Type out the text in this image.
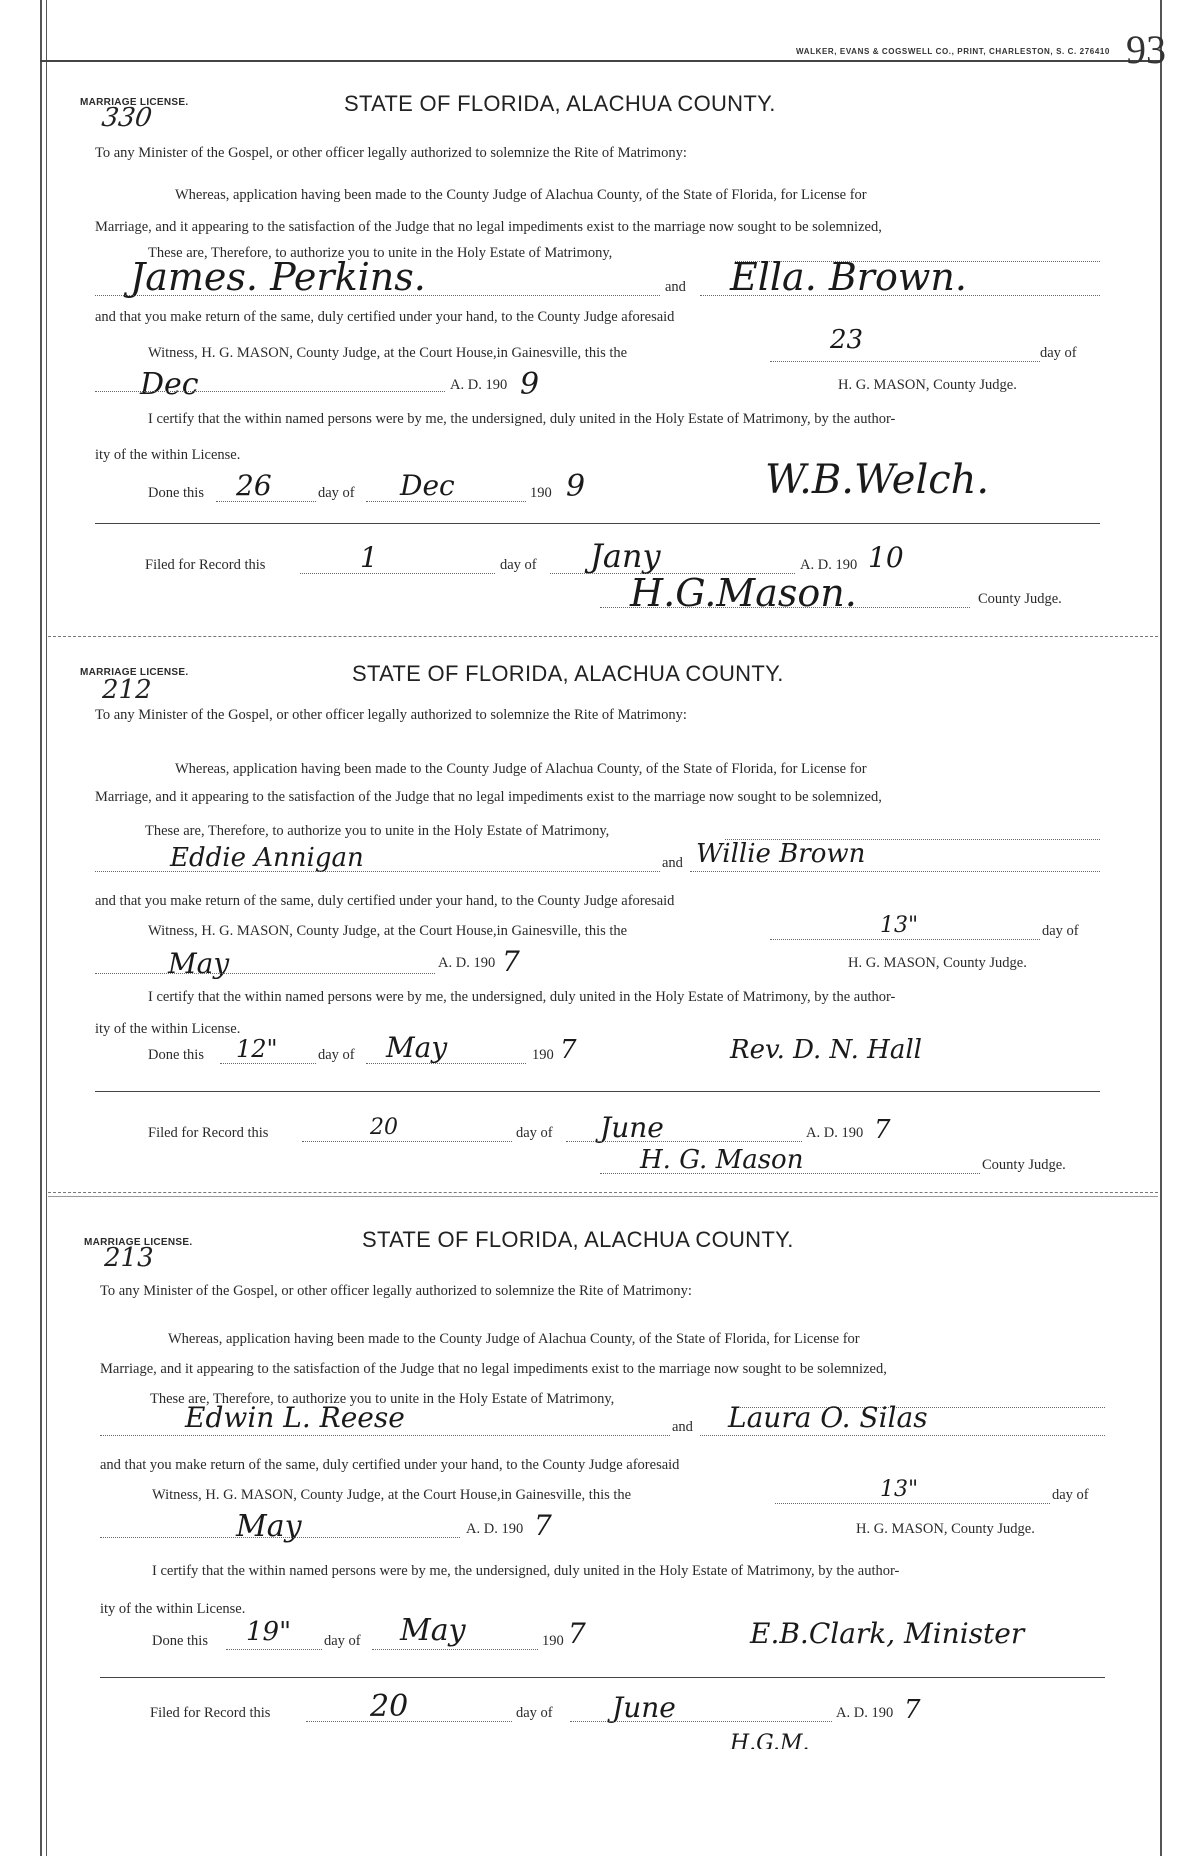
WALKER, EVANS & COGSWELL CO., PRINT, CHARLESTON, S. C. 276410 93
MARRIAGE LICENSE.
330	STATE OF FLORIDA, ALACHUA COUNTY.
To any Minister of the Gospel, or other officer legally authorized to solemnize the Rite of Matrimony:
Whereas, application having been made to the County Judge of Alachua County, of the State of Florida, for License for
Marriage, and it appearing to the satisfaction of the Judge that no legal impediments exist to the marriage now sought to be solemnized,
These are, Therefore, to authorize you to unite in the Holy Estate of Matrimony,
James. Perkins.	and Ella. Brown.
and that you make return of the same, duly certified under your hand, to the County Judge aforesaid
Witness, H. G. MASON, County Judge, at the Court House,in Gainesville, this the	23	day of
Dec	A. D. 190 9	H. G. MASON, County Judge.
I certify that the within named persons were by me, the undersigned, duly united in the Holy Estate of Matrimony, by the author-
ity of the within License.
Done this 26	day of Dec	190 9	W.B.Welch.
Filed for Record this	1	day of Jany	A. D. 190 10
H.G.Mason.	County Judge.
MARRIAGE LICENSE.
212
STATE OF FLORIDA, ALACHUA COUNTY.
To any Minister of the Gospel, or other officer legally authorized to solemnize the Rite of Matrimony:
Whereas, application having been made to the County Judge of Alachua County, of the State of Florida, for License for
Marriage, and it appearing to the satisfaction of the Judge that no legal impediments exist to the marriage now sought to be solemnized,
These are, Therefore, to authorize you to unite in the Holy Estate of Matrimony,
Eddie Annigan	and Willie Brown
and that you make return of the same, duly certified under your hand, to the County Judge aforesaid
Witness, H. G. MASON, County Judge, at the Court House,in Gainesville, this the	13"	day of
May	A. D. 190 7	H. G. MASON, County Judge.
I certify that the within named persons were by me, the undersigned, duly united in the Holy Estate of Matrimony, by the author-
ity of the within License.
Done this 12"	day of May	190 7	Rev. D. N. Hall
Filed for Record this	20	day of June	A. D. 190 7
H. G. Mason	County Judge.
MARRIAGE LICENSE.
213
STATE OF FLORIDA, ALACHUA COUNTY.
To any Minister of the Gospel, or other officer legally authorized to solemnize the Rite of Matrimony:
Whereas, application having been made to the County Judge of Alachua County, of the State of Florida, for License for
Marriage, and it appearing to the satisfaction of the Judge that no legal impediments exist to the marriage now sought to be solemnized,
These are, Therefore, to authorize you to unite in the Holy Estate of Matrimony,
Edwin L. Reese	and Laura O. Silas
and that you make return of the same, duly certified under your hand, to the County Judge aforesaid
Witness, H. G. MASON, County Judge, at the Court House,in Gainesville, this the	13"	day of
May	A. D. 190 7	H. G. MASON, County Judge.
I certify that the within named persons were by me, the undersigned, duly united in the Holy Estate of Matrimony, by the author-
ity of the within License.
Done this 19" day of May	190 7	E.B.Clark, Minister
Filed for Record this	20	day of June	A. D. 190 7
H.G.M.
